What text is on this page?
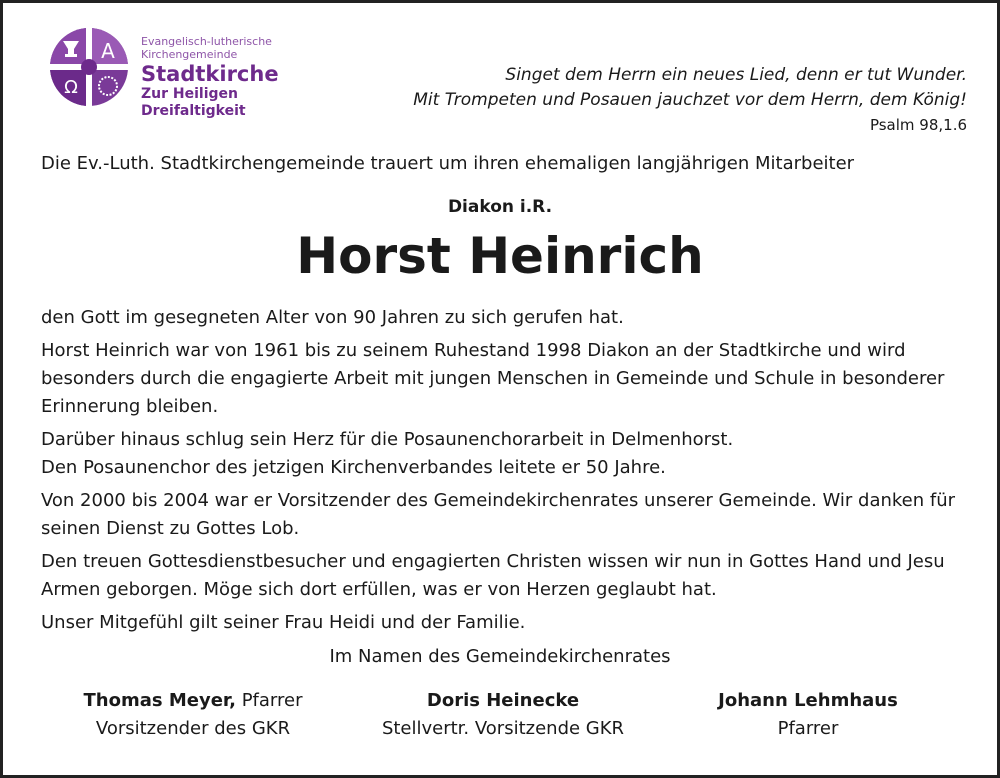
Α
Ω
Evangelisch-lutherische
Kirchengemeinde
Stadtkirche
Zur Heiligen Dreifaltigkeit
Singet dem Herrn ein neues Lied, denn er tut Wunder.
Mit Trompeten und Posauen jauchzet vor dem Herrn, dem König!
Psalm 98,1.6
Die Ev.-Luth. Stadtkirchengemeinde trauert um ihren ehemaligen langjährigen Mitarbeiter
Diakon i.R.
Horst Heinrich

den Gott im gesegneten Alter von 90 Jahren zu sich gerufen hat.

Horst Heinrich war von 1961 bis zu seinem Ruhestand 1998 Diakon an der Stadtkirche und wird besonders durch die engagierte Arbeit mit jungen Menschen in Gemeinde und Schule in besonderer Erinnerung bleiben.

Darüber hinaus schlug sein Herz für die Posaunenchorarbeit in Delmenhorst.

Den Posaunenchor des jetzigen Kirchenverbandes leitete er 50 Jahre.

Von 2000 bis 2004 war er Vorsitzender des Gemeindekirchenrates unserer Gemeinde. Wir danken für seinen Dienst zu Gottes Lob.

Den treuen Gottesdienstbesucher und engagierten Christen wissen wir nun in Gottes Hand und Jesu Armen geborgen. Möge sich dort erfüllen, was er von Herzen geglaubt hat.

Unser Mitgefühl gilt seiner Frau Heidi und der Familie.

Im Namen des Gemeindekirchenrates
Thomas Meyer, Pfarrer
Vorsitzender des GKR
Doris Heinecke
Stellvertr. Vorsitzende GKR
Johann Lehmhaus
Pfarrer
